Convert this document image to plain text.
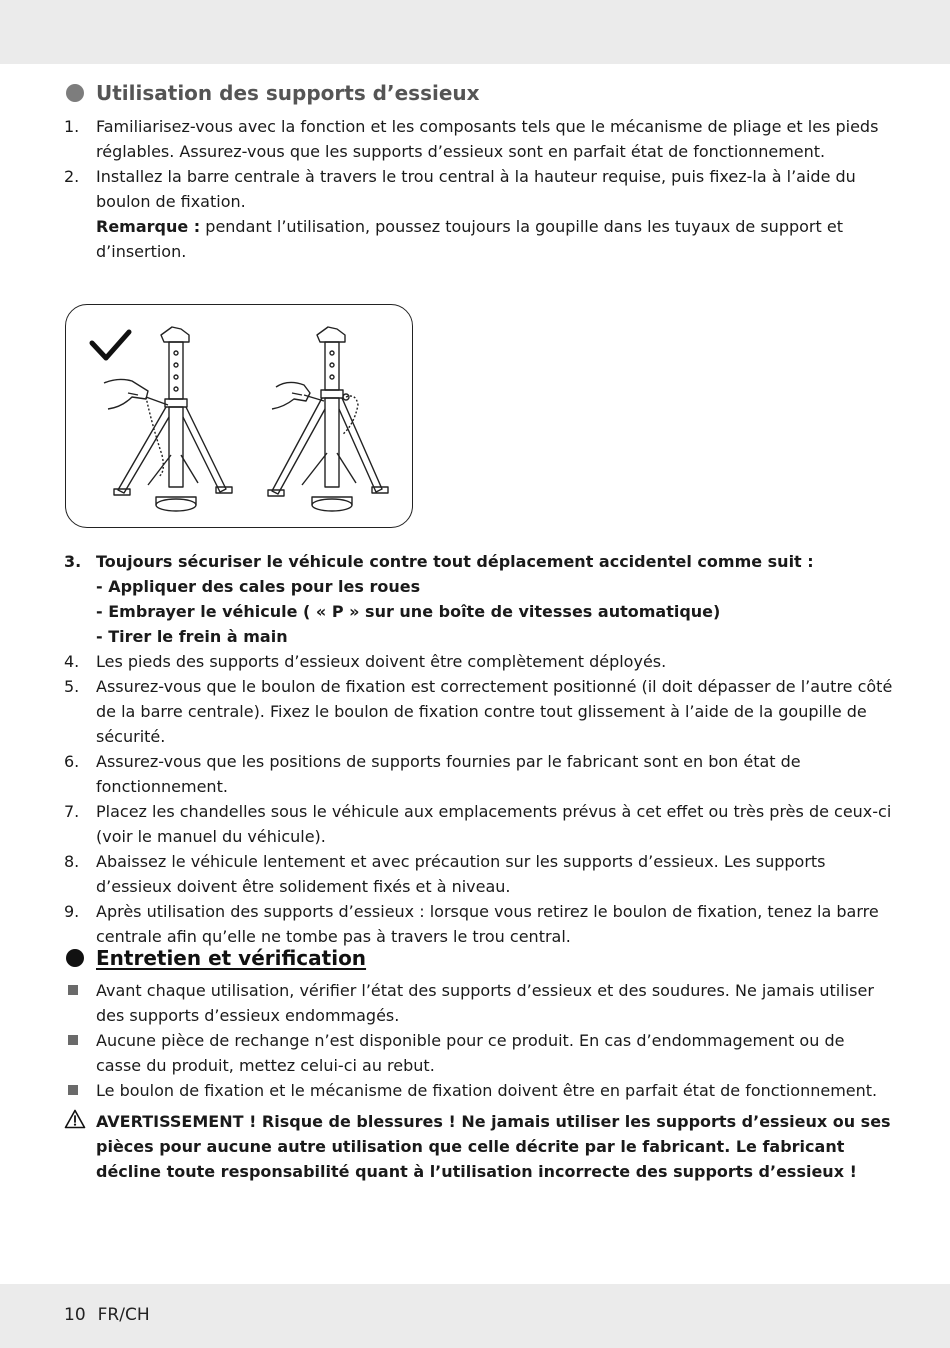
Utilisation des supports d’essieux
1. Familiarisez-vous avec la fonction et les composants tels que le mécanisme de pliage et les pieds réglables. Assurez-vous que les supports d’essieux sont en parfait état de fonctionnement.
2. Installez la barre centrale à travers le trou central à la hauteur requise, puis fixez-la à l’aide du boulon de fixation.
Remarque : pendant l’utilisation, poussez toujours la goupille dans les tuyaux de support et d’insertion.
3. Toujours sécuriser le véhicule contre tout déplacement accidentel comme suit :
- Appliquer des cales pour les roues
- Embrayer le véhicule ( « P » sur une boîte de vitesses automatique)
- Tirer le frein à main
4. Les pieds des supports d’essieux doivent être complètement déployés.
5. Assurez-vous que le boulon de fixation est correctement positionné (il doit dépasser de l’autre côté de la barre centrale). Fixez le boulon de fixation contre tout glissement à l’aide de la goupille de sécurité.
6. Assurez-vous que les positions de supports fournies par le fabricant sont en bon état de fonctionnement.
7. Placez les chandelles sous le véhicule aux emplacements prévus à cet effet ou très près de ceux-ci (voir le manuel du véhicule).
8. Abaissez le véhicule lentement et avec précaution sur les supports d’essieux. Les supports d’essieux doivent être solidement fixés et à niveau.
9. Après utilisation des supports d’essieux : lorsque vous retirez le boulon de fixation, tenez la barre centrale afin qu’elle ne tombe pas à travers le trou central.
Entretien et vérification
Avant chaque utilisation, vérifier l’état des supports d’essieux et des soudures. Ne jamais utiliser des supports d’essieux endommagés.
Aucune pièce de rechange n’est disponible pour ce produit. En cas d’endommagement ou de casse du produit, mettez celui-ci au rebut.
Le boulon de fixation et le mécanisme de fixation doivent être en parfait état de fonctionnement.
AVERTISSEMENT ! Risque de blessures ! Ne jamais utiliser les supports d’essieux ou ses pièces pour aucune autre utilisation que celle décrite par le fabricant. Le fabricant décline toute responsabilité quant à l’utilisation incorrecte des supports d’essieux !
10 FR/CH
